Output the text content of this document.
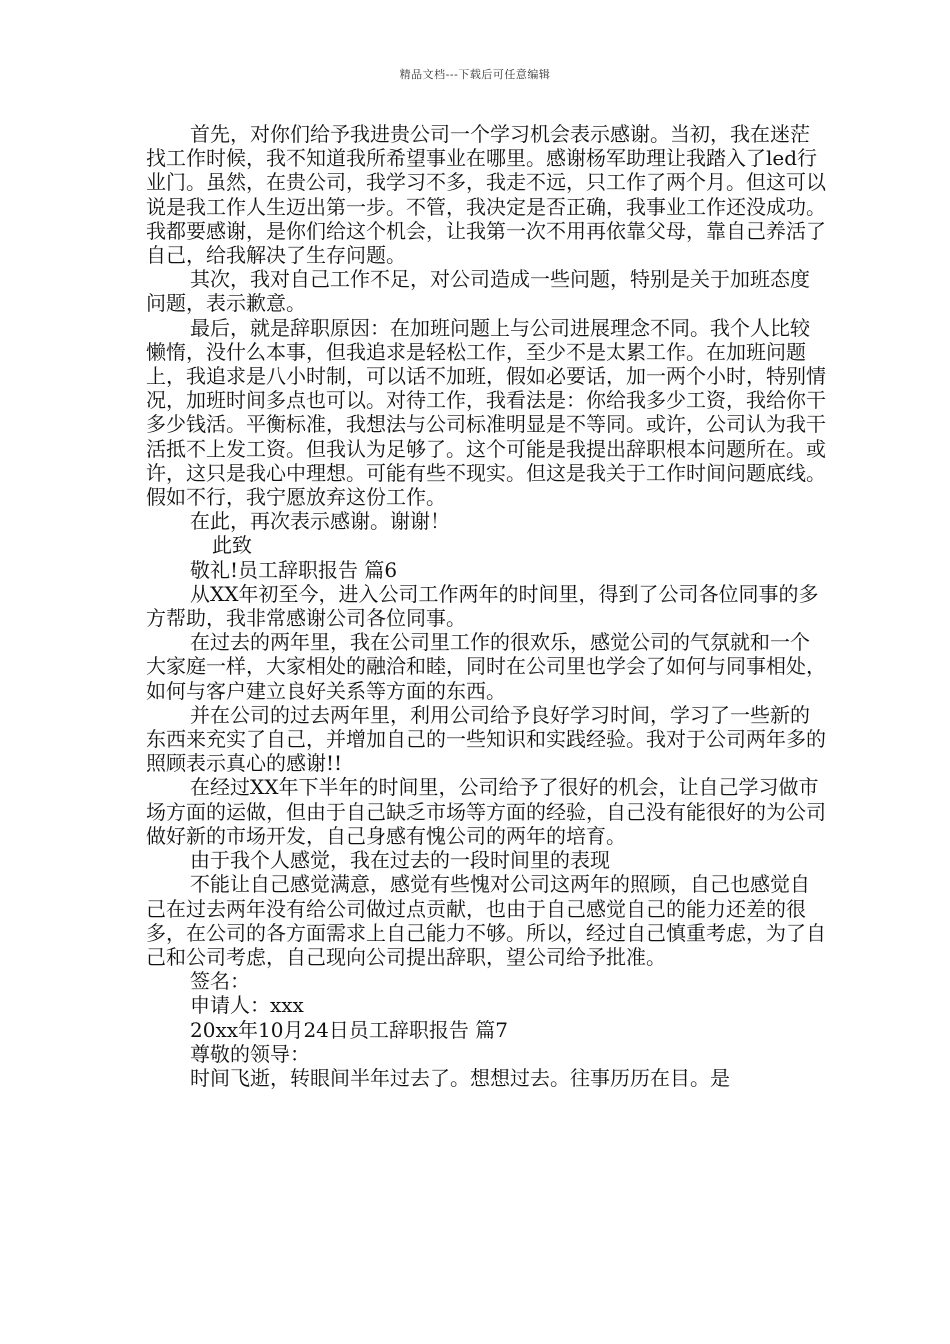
精品文档---下载后可任意编辑

首先，对你们给予我进贵公司一个学习机会表示感谢。当初，我在迷茫找工作时候，我不知道我所希望事业在哪里。感谢杨军助理让我踏入了led行业门。虽然，在贵公司，我学习不多，我走不远，只工作了两个月。但这可以说是我工作人生迈出第一步。不管，我决定是否正确，我事业工作还没成功。我都要感谢，是你们给这个机会，让我第一次不用再依靠父母，靠自己养活了自己，给我解决了生存问题。

其次，我对自己工作不足，对公司造成一些问题，特别是关于加班态度问题，表示歉意。

最后，就是辞职原因：在加班问题上与公司进展理念不同。我个人比较懒惰，没什么本事，但我追求是轻松工作，至少不是太累工作。在加班问题上，我追求是八小时制，可以话不加班，假如必要话，加一两个小时，特别情况，加班时间多点也可以。对待工作，我看法是：你给我多少工资，我给你干多少钱活。平衡标准，我想法与公司标准明显是不等同。或许，公司认为我干活抵不上发工资。但我认为足够了。这个可能是我提出辞职根本问题所在。或许，这只是我心中理想。可能有些不现实。但这是我关于工作时间问题底线。假如不行，我宁愿放弃这份工作。

在此，再次表示感谢。谢谢！

此致

敬礼!员工辞职报告 篇6

从XX年初至今，进入公司工作两年的时间里，得到了公司各位同事的多方帮助，我非常感谢公司各位同事。

在过去的两年里，我在公司里工作的很欢乐，感觉公司的气氛就和一个大家庭一样，大家相处的融洽和睦，同时在公司里也学会了如何与同事相处，如何与客户建立良好关系等方面的东西。

并在公司的过去两年里，利用公司给予良好学习时间，学习了一些新的东西来充实了自己，并增加自己的一些知识和实践经验。我对于公司两年多的照顾表示真心的感谢!!

在经过XX年下半年的时间里，公司给予了很好的机会，让自己学习做市场方面的运做，但由于自己缺乏市场等方面的经验，自己没有能很好的为公司做好新的市场开发，自己身感有愧公司的两年的培育。

由于我个人感觉，我在过去的一段时间里的表现

不能让自己感觉满意，感觉有些愧对公司这两年的照顾，自己也感觉自己在过去两年没有给公司做过点贡献，也由于自己感觉自己的能力还差的很多，在公司的各方面需求上自己能力不够。所以，经过自己慎重考虑，为了自己和公司考虑，自己现向公司提出辞职，望公司给予批准。

签名：

申请人：xxx

20xx年10月24日员工辞职报告 篇7

尊敬的领导：

时间飞逝，转眼间半年过去了。想想过去。往事历历在目。是
